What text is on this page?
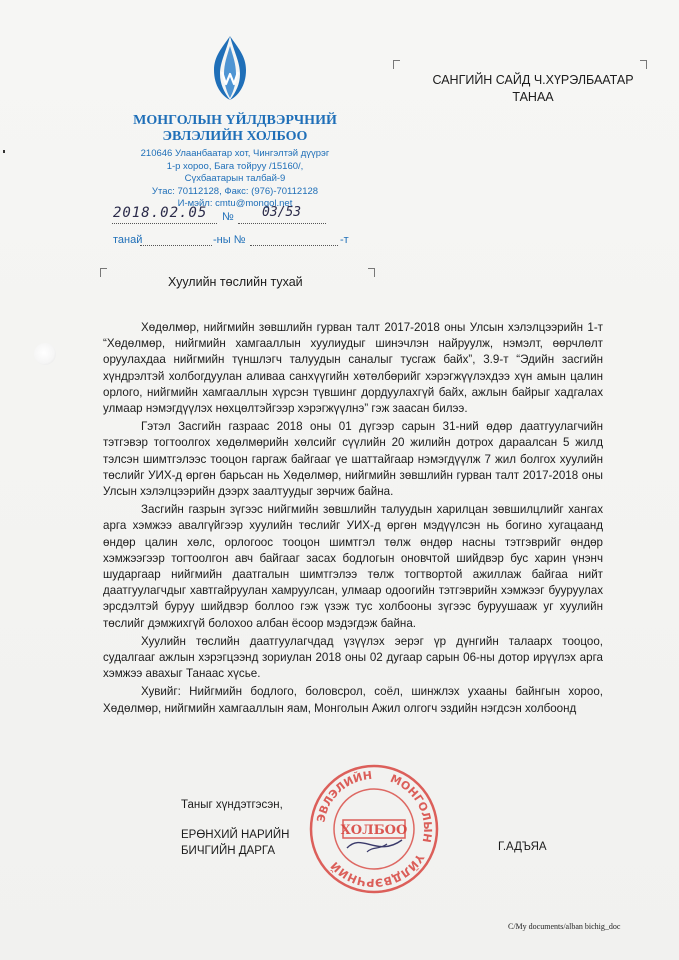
МОНГОЛЫН ҮЙЛДВЭРЧНИЙ
ЭВЛЭЛИЙН ХОЛБОО
210646 Улаанбаатар хот, Чингэлтэй дүүрэг
1-р хороо, Бага тойруу /15160/,
Сүхбаатарын талбай-9
Утас: 70112128, Факс: (976)-70112128
И-мэйл: cmtu@mongol.net
2018.02.05 № 03/53
танай	-ны №	-т
САНГИЙН САЙД Ч.ХҮРЭЛБААТАР
ТАНАА
Хуулийн төслийн тухай

Хөдөлмөр, нийгмийн зөвшлийн гурван талт 2017-2018 оны Улсын хэлэлцээрийн 1-т “Хөдөлмөр, нийгмийн хамгааллын хуулиудыг шинэчлэн найруулж, нэмэлт, өөрчлөлт оруулахдаа нийгмийн түншлэгч талуудын саналыг тусгаж байх”, 3.9-т “Эдийн засгийн хүндрэлтэй холбогдуулан аливаа санхүүгийн хөтөлбөрийг хэрэгжүүлэхдээ хүн амын цалин орлого, нийгмийн хамгааллын хүрсэн түвшинг дордуулахгүй байх, ажлын байрыг хадгалах улмаар нэмэгдүүлэх нөхцөлтэйгээр хэрэгжүүлнэ” гэж заасан билээ.

Гэтэл Засгийн газраас 2018 оны 01 дүгээр сарын 31-ний өдөр даатгуулагчийн тэтгэвэр тогтоолгох хөдөлмөрийн хөлсийг сүүлийн 20 жилийн дотрох дараалсан 5 жилд тэлсэн шимтгэлээс тооцон гаргаж байгааг үе шаттайгаар нэмэгдүүлж 7 жил болгох хуулийн төслийг УИХ-д өргөн барьсан нь Хөдөлмөр, нийгмийн зөвшлийн гурван талт 2017-2018 оны Улсын хэлэлцээрийн дээрх заалтуудыг зөрчиж байна.

Засгийн газрын зүгээс нийгмийн зөвшлийн талуудын харилцан зөвшилцлийг хангах арга хэмжээ авалгүйгээр хуулийн төслийг УИХ-д өргөн мэдүүлсэн нь богино хугацаанд өндөр цалин хөлс, орлогоос тооцон шимтгэл төлж өндөр насны тэтгэврийг өндөр хэмжээгээр тогтоолгон авч байгааг засах бодлогын оновчтой шийдвэр бус харин үнэнч шударгаар нийгмийн даатгалын шимтгэлээ төлж тогтвортой ажиллаж байгаа нийт даатгуулагчдыг хавтгайруулан хамруулсан, улмаар одоогийн тэтгэврийн хэмжээг бууруулах эрсдэлтэй буруу шийдвэр боллоо гэж үзэж тус холбооны зүгээс буруушааж уг хуулийн төслийг дэмжихгүй болохоо албан ёсоор мэдэгдэж байна.

Хуулийн төслийн даатгуулагчдад үзүүлэх эерэг үр дүнгийн талаарх тооцоо, судалгааг ажлын хэрэгцээнд зориулан 2018 оны 02 дугаар сарын 06-ны дотор ирүүлэх арга хэмжээ авахыг Танаас хүсье.

Хувийг: Нийгмийн бодлого, боловсрол, соёл, шинжлэх ухааны байнгын хороо, Хөдөлмөр, нийгмийн хамгааллын яам, Монголын Ажил олгогч эздийн нэгдсэн холбоонд

Таныг хүндэтгэсэн,
ЕРӨНХИЙ НАРИЙН
БИЧГИЙН ДАРГА	Г.АДЪЯА
ЭВЛЭЛИЙН МОНГОЛЫН
ҮЙЛДВЭРЧНИЙ
ХОЛБОО
C/My documents/alban bichig_doc
